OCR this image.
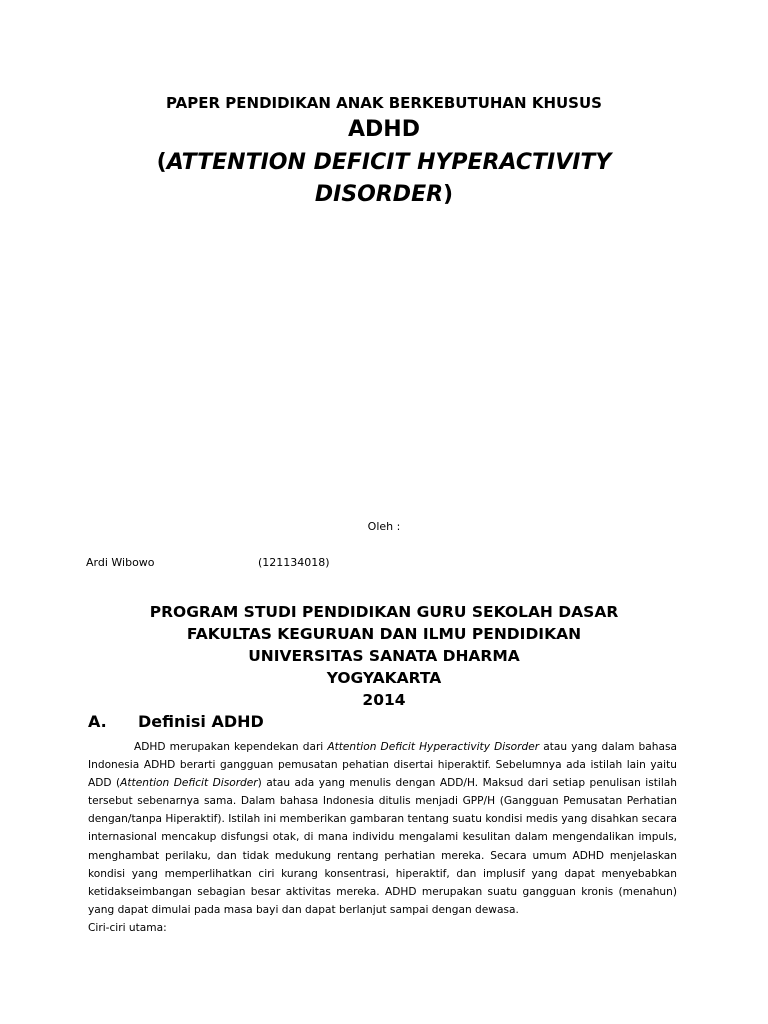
PAPER PENDIDIKAN ANAK BERKEBUTUHAN KHUSUS
ADHD
(ATTENTION DEFICIT HYPERACTIVITY
DISORDER)
Oleh :
Ardi Wibowo	(121134018)
PROGRAM STUDI PENDIDIKAN GURU SEKOLAH DASAR
FAKULTAS KEGURUAN DAN ILMU PENDIDIKAN
UNIVERSITAS SANATA DHARMA
YOGYAKARTA
2014
A. Definisi ADHD

ADHD merupakan kependekan dari Attention Deficit Hyperactivity Disorder atau yang dalam bahasa Indonesia ADHD berarti gangguan pemusatan pehatian disertai hiperaktif. Sebelumnya ada istilah lain yaitu ADD (Attention Deficit Disorder) atau ada yang menulis dengan ADD/H. Maksud dari setiap penulisan istilah tersebut sebenarnya sama. Dalam bahasa Indonesia ditulis menjadi GPP/H (Gangguan Pemusatan Perhatian dengan/tanpa Hiperaktif). Istilah ini memberikan gambaran tentang suatu kondisi medis yang disahkan secara internasional mencakup disfungsi otak, di mana individu mengalami kesulitan dalam mengendalikan impuls, menghambat perilaku, dan tidak medukung rentang perhatian mereka. Secara umum ADHD menjelaskan kondisi yang memperlihatkan ciri kurang konsentrasi, hiperaktif, dan implusif yang dapat menyebabkan ketidakseimbangan sebagian besar aktivitas mereka. ADHD merupakan suatu gangguan kronis (menahun) yang dapat dimulai pada masa bayi dan dapat berlanjut sampai dengan dewasa.

Ciri-ciri utama:
